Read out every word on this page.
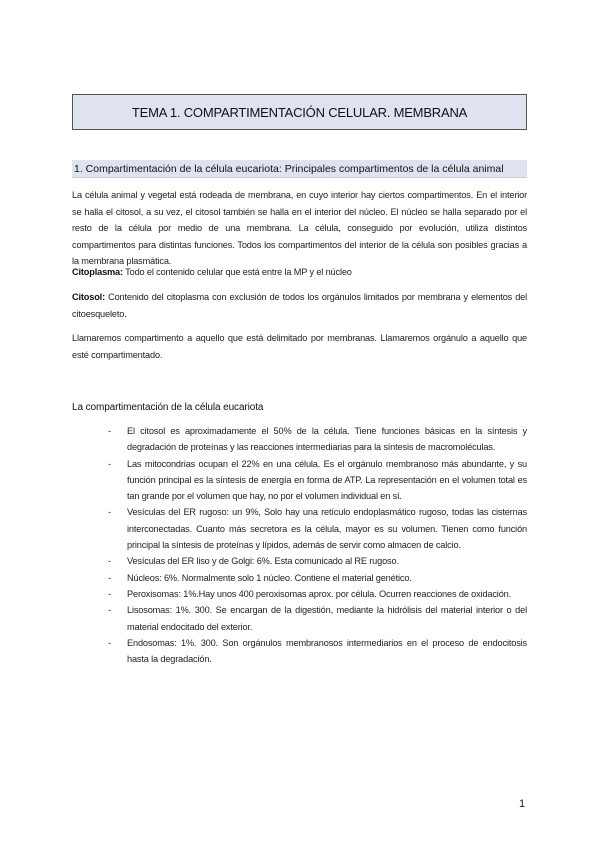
TEMA 1. COMPARTIMENTACIÓN CELULAR. MEMBRANA
1. Compartimentación de la célula eucariota: Principales compartimentos de la célula animal
La célula animal y vegetal está rodeada de membrana, en cuyo interior hay ciertos compartimentos. En el interior se halla el citosol, a su vez, el citosol también se halla en el interior del núcleo. El núcleo se halla separado por el resto de la célula por medio de una membrana. La célula, conseguido por evolución, utiliza distintos compartimentos para distintas funciones. Todos los compartimentos del interior de la célula son posibles gracias a la membrana plasmática.
Citoplasma: Todo el contenido celular que está entre la MP y el núcleo
Citosol: Contenido del citoplasma con exclusión de todos los orgánulos limitados por membrana y elementos del citoesqueleto.
Llamaremos compartimento a aquello que está delimitado por membranas. Llamaremos orgánulo a aquello que esté compartimentado.
La compartimentación de la célula eucariota
- El citosol es aproximadamente el 50% de la célula. Tiene funciones básicas en la síntesis y degradación de proteínas y las reacciones intermediarias para la síntesis de macromoléculas.
- Las mitocondrias ocupan el 22% en una célula. Es el orgánulo membranoso más abundante, y su función principal es la síntesis de energía en forma de ATP. La representación en el volumen total es tan grande por el volumen que hay, no por el volumen individual en sí.
- Vesículas del ER rugoso: un 9%, Solo hay una retículo endoplasmático rugoso, todas las cisternas interconectadas. Cuanto más secretora es la célula, mayor es su volumen. Tienen como función principal la síntesis de proteínas y lípidos, además de servir como almacen de calcio.
- Vesículas del ER liso y de Golgi: 6%. Esta comunicado al RE rugoso.
- Núcleos: 6%. Normalmente solo 1 núcleo. Contiene el material genético.
- Peroxisomas: 1%.Hay unos 400 peroxisomas aprox. por célula. Ocurren reacciones de oxidación.
- Lisosomas: 1%. 300. Se encargan de la digestión, mediante la hidrólisis del material interior o del material endocitado del exterior.
- Endosomas: 1%. 300. Son orgánulos membranosos intermediarios en el proceso de endocitosis hasta la degradación.
1
